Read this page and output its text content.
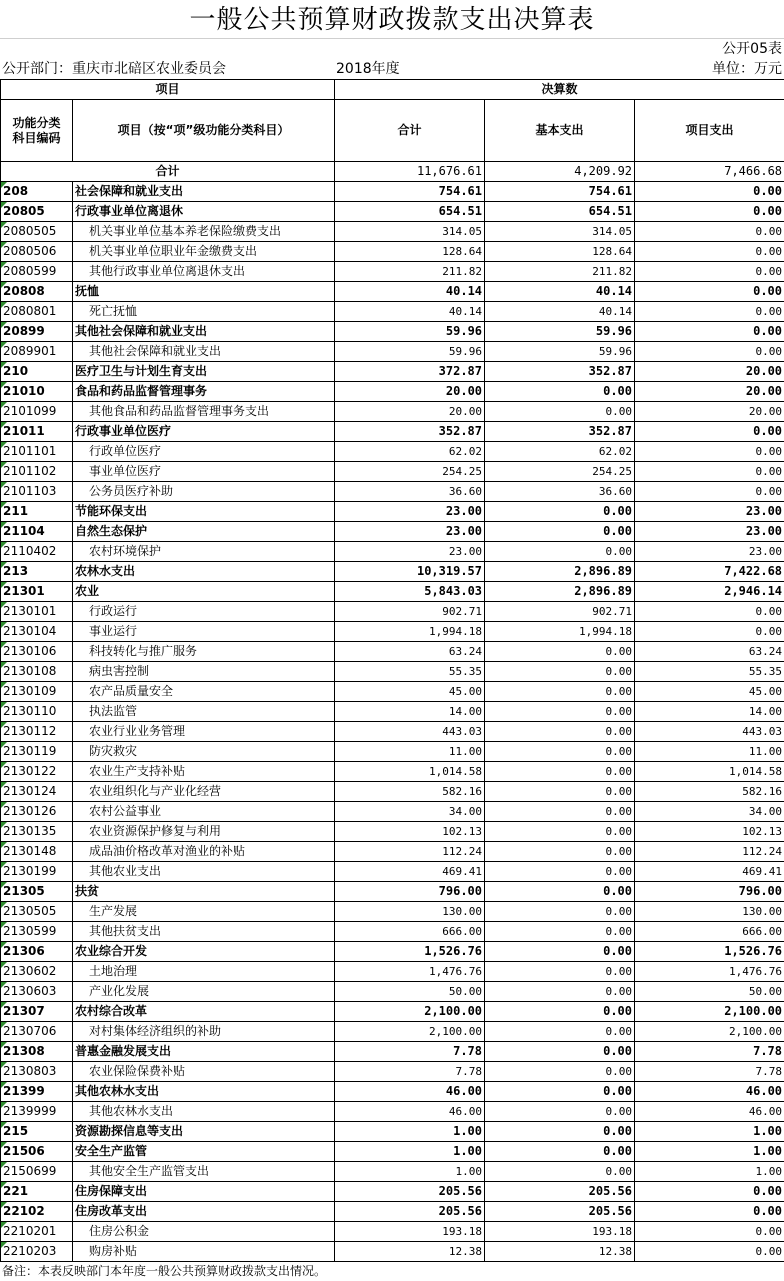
一般公共预算财政拨款支出决算表
公开05表
公开部门：重庆市北碚区农业委员会	2018年度	单位：万元
项目		决算数		
功能分类
科目编码	项目（按“项”级功能分类科目）	合计	基本支出	项目支出
合计		11,676.61	4,209.92	7,466.68
208	社会保障和就业支出	754.61	754.61	0.00
20805	行政事业单位离退休	654.51	654.51	0.00
2080505	机关事业单位基本养老保险缴费支出	314.05	314.05	0.00
2080506	机关事业单位职业年金缴费支出	128.64	128.64	0.00
2080599	其他行政事业单位离退休支出	211.82	211.82	0.00
20808	抚恤	40.14	40.14	0.00
2080801	死亡抚恤	40.14	40.14	0.00
20899	其他社会保障和就业支出	59.96	59.96	0.00
2089901	其他社会保障和就业支出	59.96	59.96	0.00
210	医疗卫生与计划生育支出	372.87	352.87	20.00
21010	食品和药品监督管理事务	20.00	0.00	20.00
2101099	其他食品和药品监督管理事务支出	20.00	0.00	20.00
21011	行政事业单位医疗	352.87	352.87	0.00
2101101	行政单位医疗	62.02	62.02	0.00
2101102	事业单位医疗	254.25	254.25	0.00
2101103	公务员医疗补助	36.60	36.60	0.00
211	节能环保支出	23.00	0.00	23.00
21104	自然生态保护	23.00	0.00	23.00
2110402	农村环境保护	23.00	0.00	23.00
213	农林水支出	10,319.57	2,896.89	7,422.68
21301	农业	5,843.03	2,896.89	2,946.14
2130101	行政运行	902.71	902.71	0.00
2130104	事业运行	1,994.18	1,994.18	0.00
2130106	科技转化与推广服务	63.24	0.00	63.24
2130108	病虫害控制	55.35	0.00	55.35
2130109	农产品质量安全	45.00	0.00	45.00
2130110	执法监管	14.00	0.00	14.00
2130112	农业行业业务管理	443.03	0.00	443.03
2130119	防灾救灾	11.00	0.00	11.00
2130122	农业生产支持补贴	1,014.58	0.00	1,014.58
2130124	农业组织化与产业化经营	582.16	0.00	582.16
2130126	农村公益事业	34.00	0.00	34.00
2130135	农业资源保护修复与利用	102.13	0.00	102.13
2130148	成品油价格改革对渔业的补贴	112.24	0.00	112.24
2130199	其他农业支出	469.41	0.00	469.41
21305	扶贫	796.00	0.00	796.00
2130505	生产发展	130.00	0.00	130.00
2130599	其他扶贫支出	666.00	0.00	666.00
21306	农业综合开发	1,526.76	0.00	1,526.76
2130602	土地治理	1,476.76	0.00	1,476.76
2130603	产业化发展	50.00	0.00	50.00
21307	农村综合改革	2,100.00	0.00	2,100.00
2130706	对村集体经济组织的补助	2,100.00	0.00	2,100.00
21308	普惠金融发展支出	7.78	0.00	7.78
2130803	农业保险保费补贴	7.78	0.00	7.78
21399	其他农林水支出	46.00	0.00	46.00
2139999	其他农林水支出	46.00	0.00	46.00
215	资源勘探信息等支出	1.00	0.00	1.00
21506	安全生产监管	1.00	0.00	1.00
2150699	其他安全生产监管支出	1.00	0.00	1.00
221	住房保障支出	205.56	205.56	0.00
22102	住房改革支出	205.56	205.56	0.00
2210201	住房公积金	193.18	193.18	0.00
2210203	购房补贴	12.38	12.38	0.00
备注：本表反映部门本年度一般公共预算财政拨款支出情况。
